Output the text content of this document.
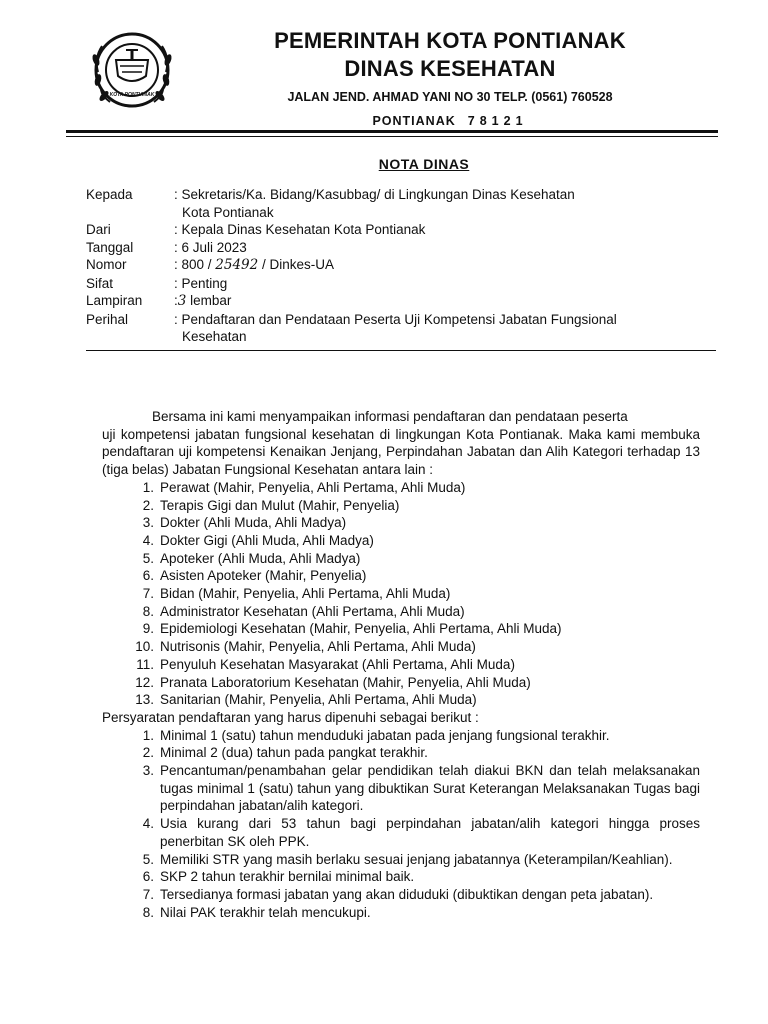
KOTA PONTIANAK
PEMERINTAH KOTA PONTIANAK
DINAS KESEHATAN
JALAN JEND. AHMAD YANI NO 30 TELP. (0561) 760528
PONTIANAK 78121
NOTA DINAS
Kepada	: Sekretaris/Ka. Bidang/Kasubbag/ di Lingkungan Dinas Kesehatan
Kota Pontianak
Dari	: Kepala Dinas Kesehatan Kota Pontianak
Tanggal	: 6 Juli 2023
Nomor	: 800 / 25492 / Dinkes-UA
Sifat	: Penting
Lampiran	:3 lembar
Perihal	: Pendaftaran dan Pendataan Peserta Uji Kompetensi Jabatan Fungsional
Kesehatan
Bersama ini kami menyampaikan informasi pendaftaran dan pendataan peserta
uji kompetensi jabatan fungsional kesehatan di lingkungan Kota Pontianak. Maka kami membuka pendaftaran uji kompetensi Kenaikan Jenjang, Perpindahan Jabatan dan Alih Kategori terhadap 13 (tiga belas) Jabatan Fungsional Kesehatan antara lain :
1. Perawat (Mahir, Penyelia, Ahli Pertama, Ahli Muda)
2. Terapis Gigi dan Mulut (Mahir, Penyelia)
3. Dokter (Ahli Muda, Ahli Madya)
4. Dokter Gigi (Ahli Muda, Ahli Madya)
5. Apoteker (Ahli Muda, Ahli Madya)
6. Asisten Apoteker (Mahir, Penyelia)
7. Bidan (Mahir, Penyelia, Ahli Pertama, Ahli Muda)
8. Administrator Kesehatan (Ahli Pertama, Ahli Muda)
9. Epidemiologi Kesehatan (Mahir, Penyelia, Ahli Pertama, Ahli Muda)
10. Nutrisonis (Mahir, Penyelia, Ahli Pertama, Ahli Muda)
11. Penyuluh Kesehatan Masyarakat (Ahli Pertama, Ahli Muda)
12. Pranata Laboratorium Kesehatan (Mahir, Penyelia, Ahli Muda)
13. Sanitarian (Mahir, Penyelia, Ahli Pertama, Ahli Muda)
Persyaratan pendaftaran yang harus dipenuhi sebagai berikut :
1. Minimal 1 (satu) tahun menduduki jabatan pada jenjang fungsional terakhir.
2. Minimal 2 (dua) tahun pada pangkat terakhir.
3. Pencantuman/penambahan gelar pendidikan telah diakui BKN dan telah melaksanakan tugas minimal 1 (satu) tahun yang dibuktikan Surat Keterangan Melaksanakan Tugas bagi perpindahan jabatan/alih kategori.
4. Usia kurang dari 53 tahun bagi perpindahan jabatan/alih kategori hingga proses penerbitan SK oleh PPK.
5. Memiliki STR yang masih berlaku sesuai jenjang jabatannya (Keterampilan/Keahlian).
6. SKP 2 tahun terakhir bernilai minimal baik.
7. Tersedianya formasi jabatan yang akan diduduki (dibuktikan dengan peta jabatan).
8. Nilai PAK terakhir telah mencukupi.
